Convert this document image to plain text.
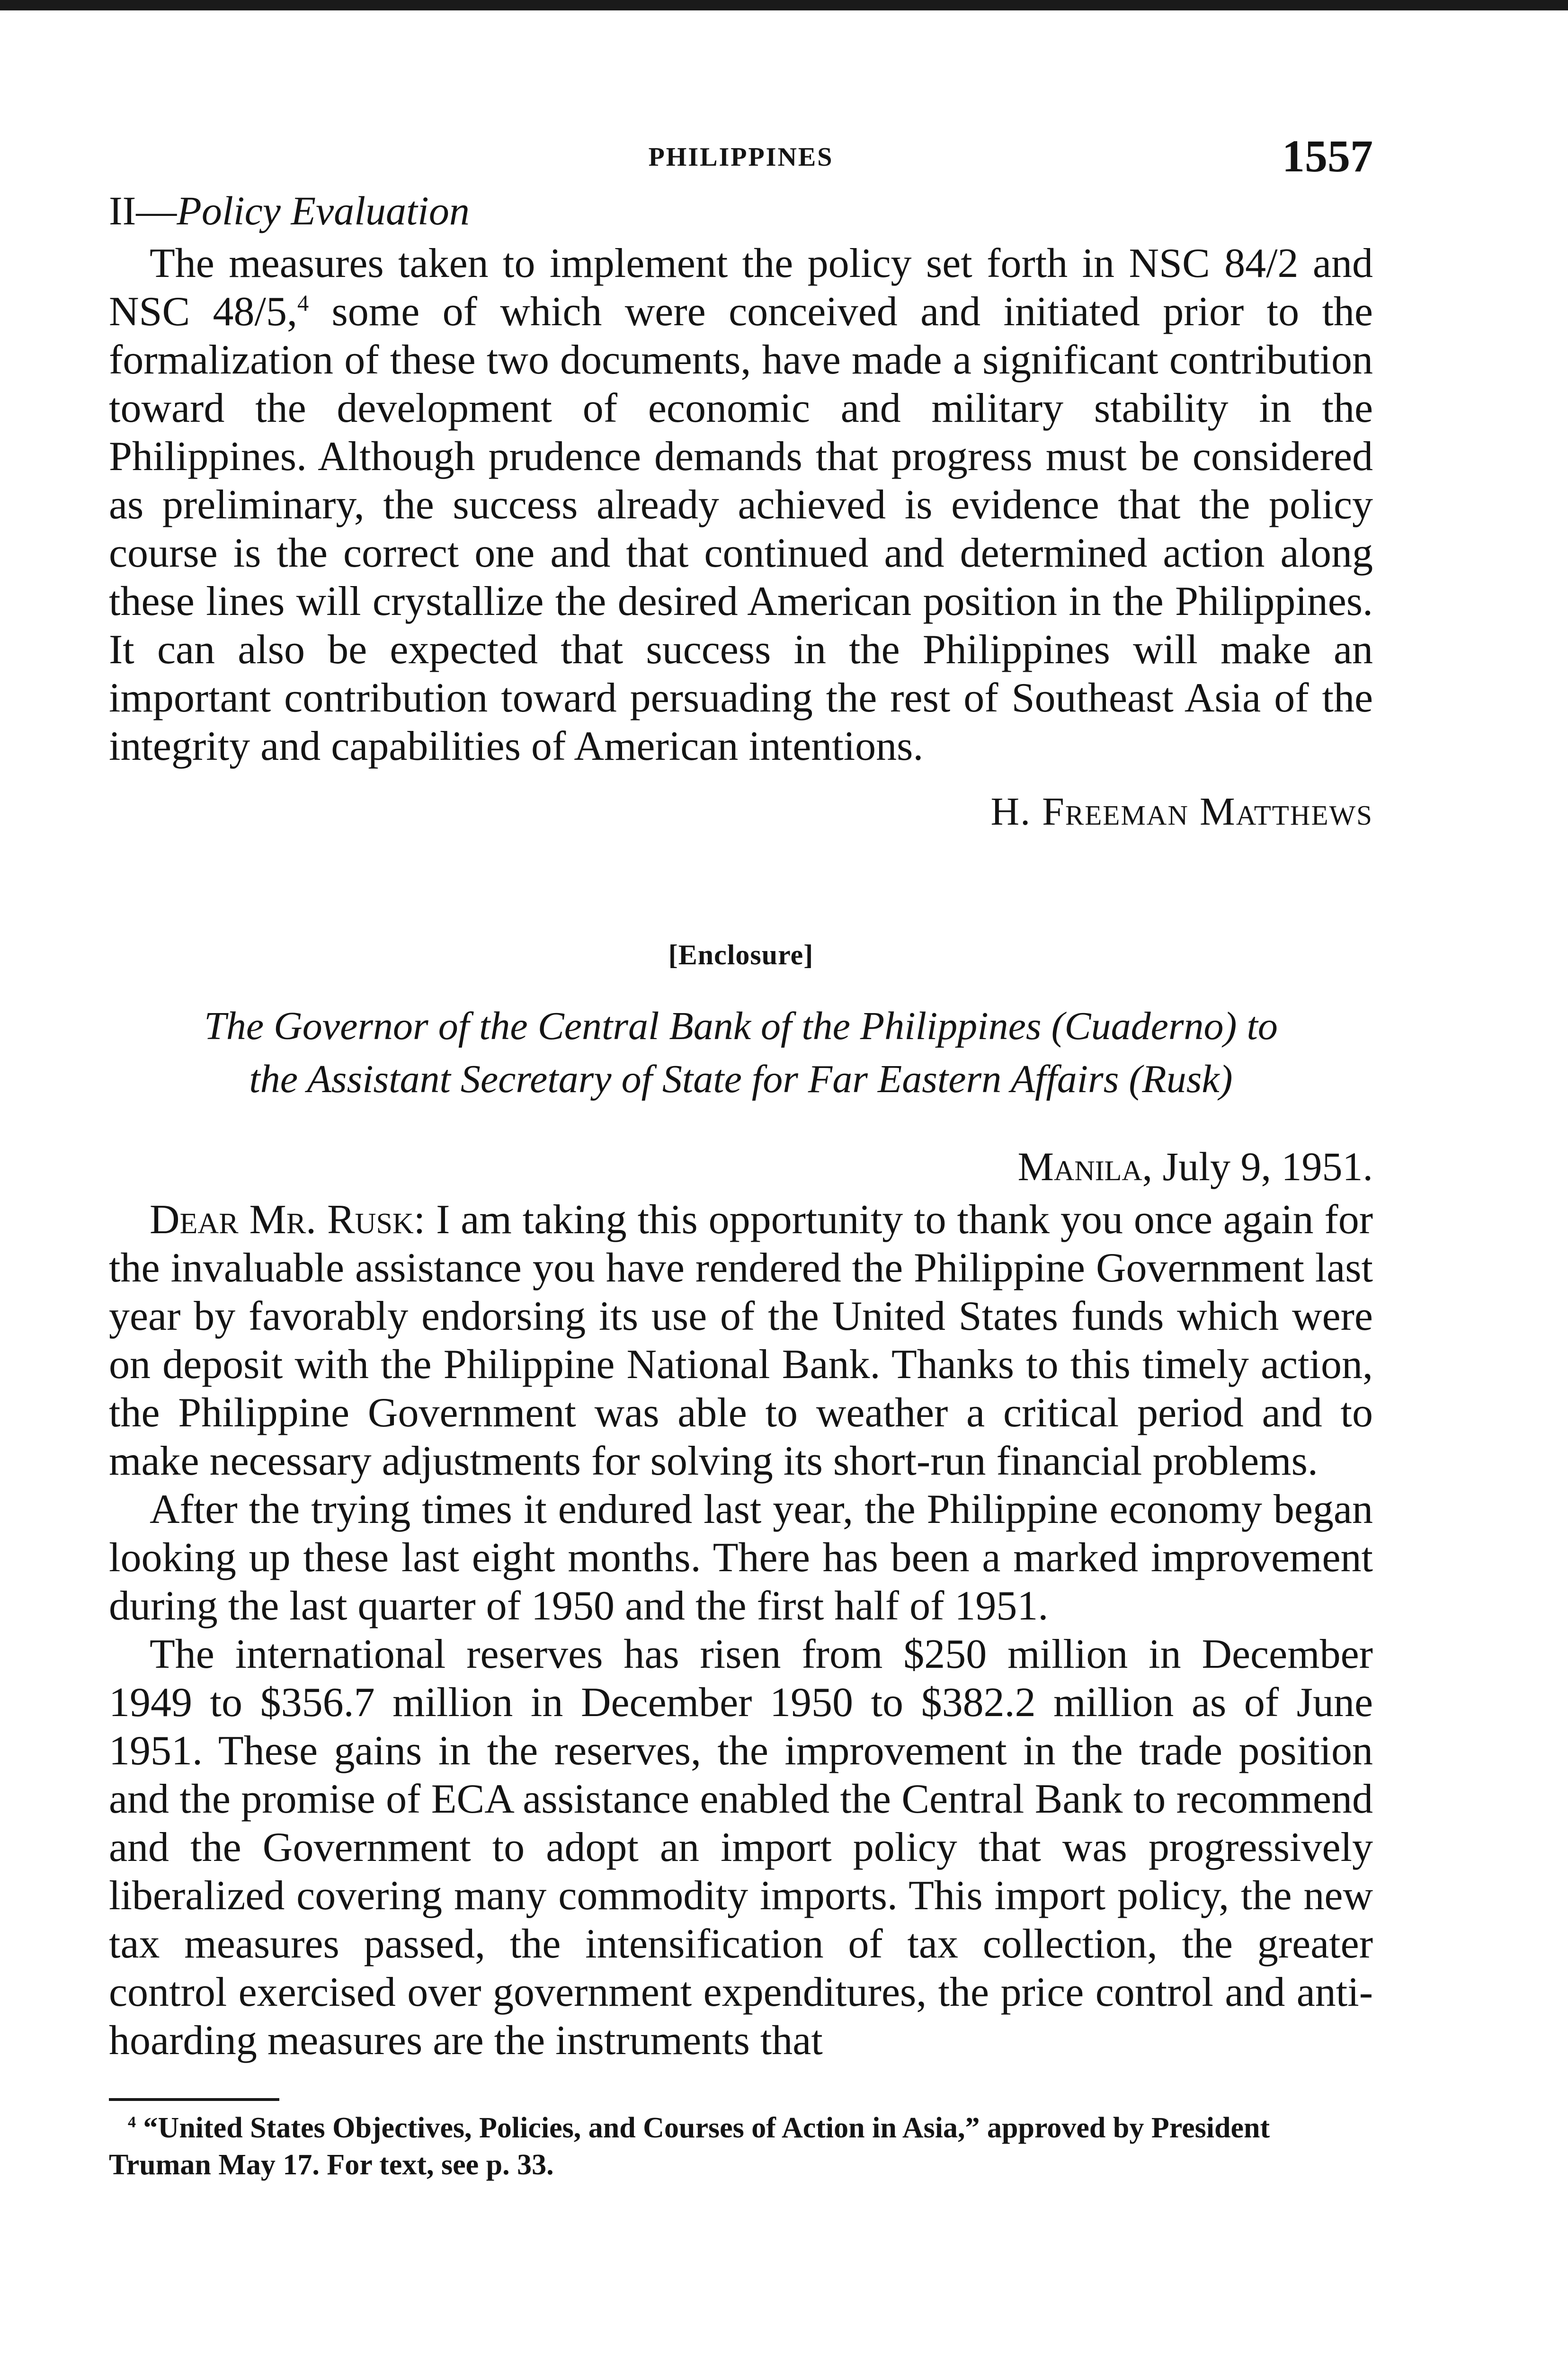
PHILIPPINES	1557
II—Policy Evaluation

The measures taken to implement the policy set forth in NSC 84/2 and NSC 48/5,$^4$ some of which were conceived and initiated prior to the formalization of these two documents, have made a significant contribution toward the development of economic and military stability in the Philippines. Although prudence demands that progress must be considered as preliminary, the success already achieved is evidence that the policy course is the correct one and that continued and determined action along these lines will crystallize the desired American position in the Philippines. It can also be expected that success in the Philippines will make an important contribution toward persuading the rest of Southeast Asia of the integrity and capabilities of American intentions.

H. Freeman Matthews
[Enclosure]
The Governor of the Central Bank of the Philippines (Cuaderno) to
the Assistant Secretary of State for Far Eastern Affairs (Rusk)
Manila, July 9, 1951.

Dear Mr. Rusk: I am taking this opportunity to thank you once again for the invaluable assistance you have rendered the Philippine Government last year by favorably endorsing its use of the United States funds which were on deposit with the Philippine National Bank. Thanks to this timely action, the Philippine Government was able to weather a critical period and to make necessary adjustments for solving its short-run financial problems.

After the trying times it endured last year, the Philippine economy began looking up these last eight months. There has been a marked improvement during the last quarter of 1950 and the first half of 1951.

The international reserves has risen from $250 million in December 1949 to $356.7 million in December 1950 to $382.2 million as of June 1951. These gains in the reserves, the improvement in the trade position and the promise of ECA assistance enabled the Central Bank to recommend and the Government to adopt an import policy that was progressively liberalized covering many commodity imports. This import policy, the new tax measures passed, the intensification of tax collection, the greater control exercised over government expenditures, the price control and anti-hoarding measures are the instruments that

$^4$ “United States Objectives, Policies, and Courses of Action in Asia,” approved by President Truman May 17. For text, see p. 33.
